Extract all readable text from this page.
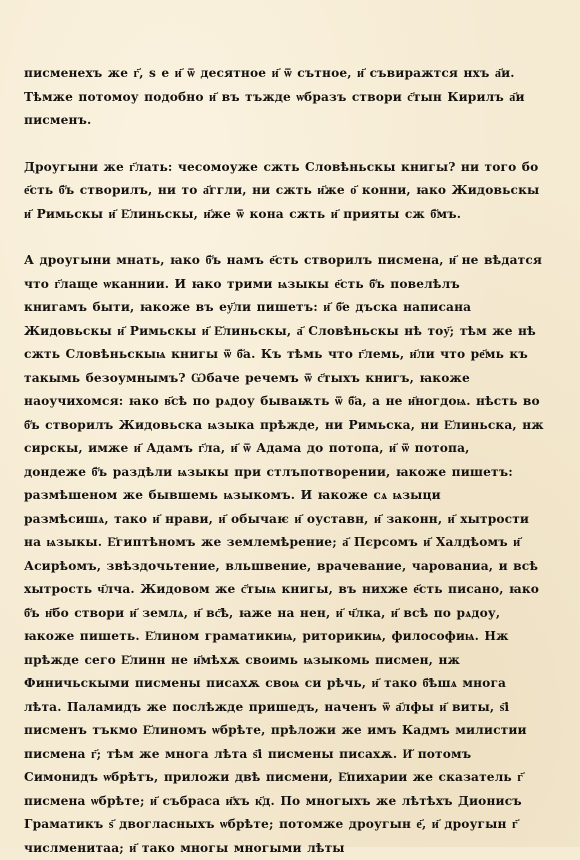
писменехъ же г҃, ѕ е и҃ ѿ десятное и҃ ѿ сътное, и҃ съвиражтся нхъ а҃и.
Тѣмже потомоу подобно и҃ въ тъжде ѡбразъ створи с҃тын Кирилъ а҃и
писменъ.
Дроугыни же г҃лать: чесомоуже сжть Словѣньскы книгы? ни того бо
е҃сть б҃ъ створилъ, ни то а҃ггли, ни сжть и҃же о҃ конни, ꙗко Жидовьскы
и҃ Римьскы и҃ Е҃линьскы, и҃же ѿ кона сжть и҃ прияты сж б҃мъ.
А дроугыни мнать, ꙗко б҃ъ намъ е҃сть створилъ писмена, и҃ не вѣдатся
что г҃лаще ѡканнии. И ꙗко трими ѩзыкы е҃сть б҃ъ повелѣлъ
книгамъ быти, ꙗкоже въ еу҃ли пишетъ: и҃ б҃е дъска написана
Жидовьскы и҃ Римьскы и҃ Е҃линьскы, а҃ Словѣньскы нѣ тоу҃; тѣм же нѣ
сжть Словѣньскыѩ книгы ѿ б҃а. Къ тѣмь что г҃лемь, и҃ли что ре҃мь къ
такымь безоумнымъ? Ѡбаче речемъ ѿ с҃тыхъ книгъ, ꙗкоже
наоучихомся: ꙗко в҃сѣ по рѧдоу бываѭть ѿ б҃а, а не и҃ногдоѩ. нѣсть во
б҃ъ створилъ Жидовьска ѩзыка прѣжде, ни Римьска, ни Е҃линьска, нж
сирскы, имже и҃ Адамъ г҃ла, и҃ ѿ Адама до потопа, и҃ ѿ потопа,
дондеже б҃ъ раздѣли ѩзыкы при стлъпотворении, ꙗкоже пишетъ:
размѣшеном же бывшемь ѩзыкомъ. И ꙗкоже сѧ ѩзыци
размѣсишѧ, тако и҃ нрави, и҃ обычаѥ и҃ оуставн, и҃ законн, и҃ хытрости
на ѩзыкы. Е҃гиптѣномъ же землемѣрение; а҃ Пєрсомъ и҃ Халдѣомъ и҃
Асирѣомъ, звѣздочьтение, вльшвение, врачевание, чарованиа, и всѣ
хытрость ч҃лча. Жидовом же с҃тыѩ книгы, въ нихже е҃сть писано, ꙗко
б҃ъ н҃бо створи и҃ землѧ, и҃ вс҃ѣ, ꙗже на нен, и҃ ч҃лка, и҃ всѣ по рѧдоу,
ꙗкоже пишеть. Е҃лином граматикиѩ, риторикиѩ, философиѩ. Нж
прѣжде сего Е҃линн не и҃мѣхѫ своимь ѩзыкомь писмен, нж
Финичьскыми писмены писахѫ своѩ си рѣчь, и҃ тако б҃ѣшѧ многа
лѣта. Паламидъ же послѣжде пришедъ, наченъ ѿ а҃лфы и҃ виты, ѕ҃і
писменъ тъкмо Е҃линомъ ѡбрѣте, прѣложи же имъ Кадмъ милистии
писмена г҃; тѣм же многа лѣта ѕ҃і писмены писахѫ. И҃ потомъ
Симонидъ ѡбрѣтъ, приложи двѣ писмени, Е҃пихарии же сказатель г҃
писмена ѡбрѣте; и҃ събраса и҃хъ к҃д. По многыхъ же лѣтѣхъ Дионисъ
Граматикъ ѕ҃ двогласныхъ ѡбрѣте; потомже дроугын е҃, и҃ дроугын г҃
числменитаа; и҃ тако многы многыми лѣты
